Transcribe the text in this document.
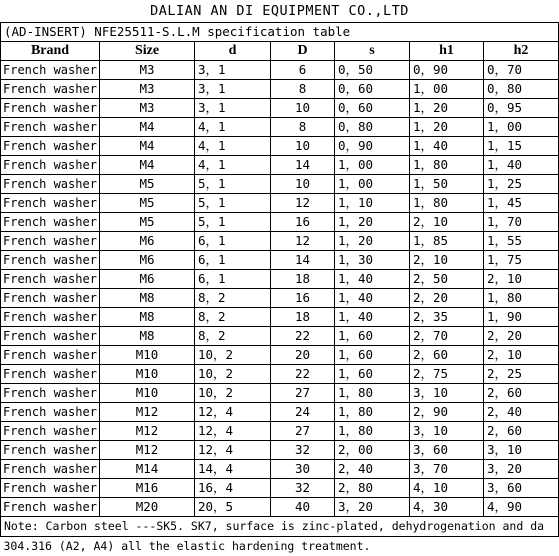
DALIAN AN DI EQUIPMENT CO.,LTD						
(AD-INSERT) NFE25511-S.L.M specification table						
Brand	Size	d	D	s	h1	h2
French washer	M3	3，1	6	0，50	0，90	0，70
French washer	M3	3，1	8	0，60	1，00	0，80
French washer	M3	3，1	10	0，60	1，20	0，95
French washer	M4	4，1	8	0，80	1，20	1，00
French washer	M4	4，1	10	0，90	1，40	1，15
French washer	M4	4，1	14	1，00	1，80	1，40
French washer	M5	5，1	10	1，00	1，50	1，25
French washer	M5	5，1	12	1，10	1，80	1，45
French washer	M5	5，1	16	1，20	2，10	1，70
French washer	M6	6，1	12	1，20	1，85	1，55
French washer	M6	6，1	14	1，30	2，10	1，75
French washer	M6	6，1	18	1，40	2，50	2，10
French washer	M8	8，2	16	1，40	2，20	1，80
French washer	M8	8，2	18	1，40	2，35	1，90
French washer	M8	8，2	22	1，60	2，70	2，20
French washer	M10	10，2	20	1，60	2，60	2，10
French washer	M10	10，2	22	1，60	2，75	2，25
French washer	M10	10，2	27	1，80	3，10	2，60
French washer	M12	12，4	24	1，80	2，90	2，40
French washer	M12	12，4	27	1，80	3，10	2，60
French washer	M12	12，4	32	2，00	3，60	3，10
French washer	M14	14，4	30	2，40	3，70	3，20
French washer	M16	16，4	32	2，80	4，10	3，60
French washer	M20	20，5	40	3，20	4，30	4，90
Note: Carbon steel ---SK5. SK7, surface is zinc-plated, dehydrogenation and da						
304.316 (A2, A4) all the elastic hardening treatment.						
